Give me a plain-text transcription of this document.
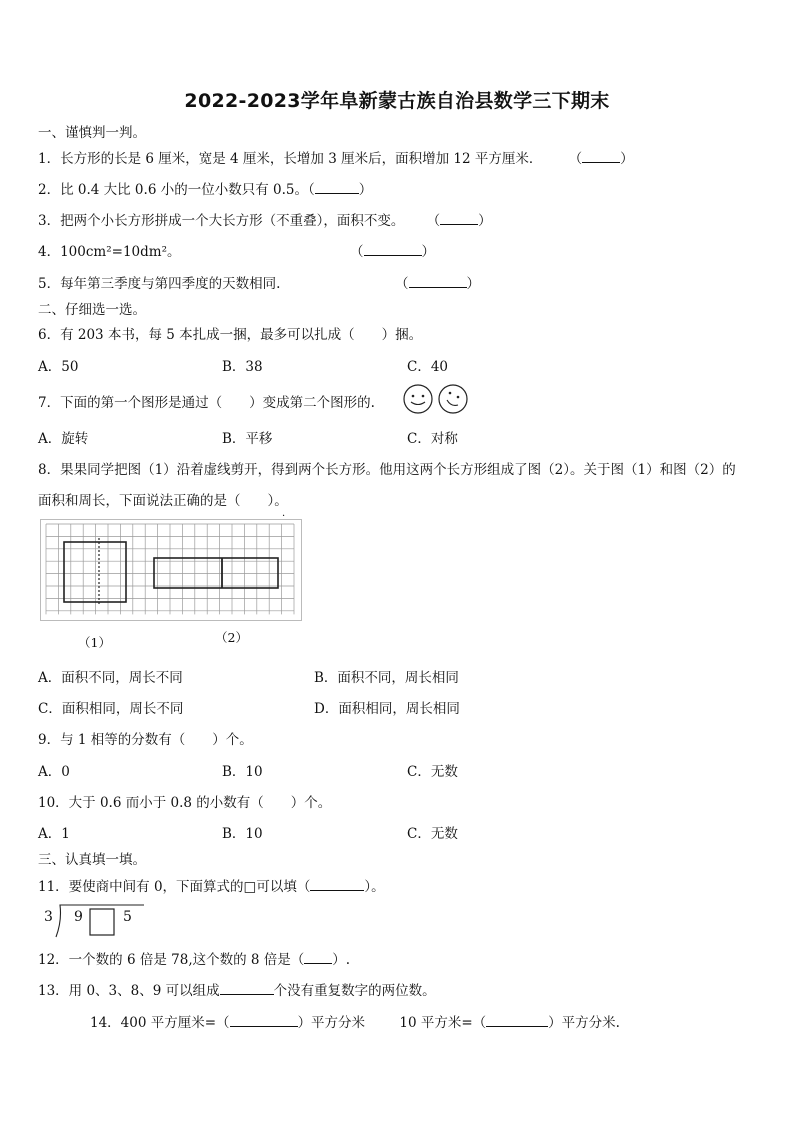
2022-2023学年阜新蒙古族自治县数学三下期末
一、谨慎判一判。
1．长方形的长是 6 厘米，宽是 4 厘米，长增加 3 厘米后，面积增加 12 平方厘米． （	）
2．比 0.4 大比 0.6 小的一位小数只有 0.5。（	）
3．把两个小长方形拼成一个大长方形（不重叠），面积不变。 （	）
4．100cm²=10dm²。	（	）
5．每年第三季度与第四季度的天数相同.	（	）
二、仔细选一选。
6．有 203 本书，每 5 本扎成一捆，最多可以扎成（　　）捆。
A．50	B．38	C．40
7．下面的第一个图形是通过（　　）变成第二个图形的.
A．旋转	B．平移	C．对称
8．果果同学把图（1）沿着虚线剪开，得到两个长方形。他用这两个长方形组成了图（2）。关于图（1）和图（2）的
面积和周长，下面说法正确的是（　　）。
·
（1）	（2）
A．面积不同，周长不同	B．面积不同，周长相同
C．面积相同，周长不同	D．面积相同，周长相同
9．与 1 相等的分数有（　　）个。
A．0	B．10	C．无数
10．大于 0.6 而小于 0.8 的小数有（　　）个。
A．1	B．10	C．无数
三、认真填一填。
11．要使商中间有 0，下面算式的□可以填（	）。
3 9	5
12．一个数的 6 倍是 78,这个数的 8 倍是（ ）.
13．用 0、3、8、9 可以组成	个没有重复数字的两位数。
14．400 平方厘米=（	）平方分米	10 平方米=（	）平方分米.
